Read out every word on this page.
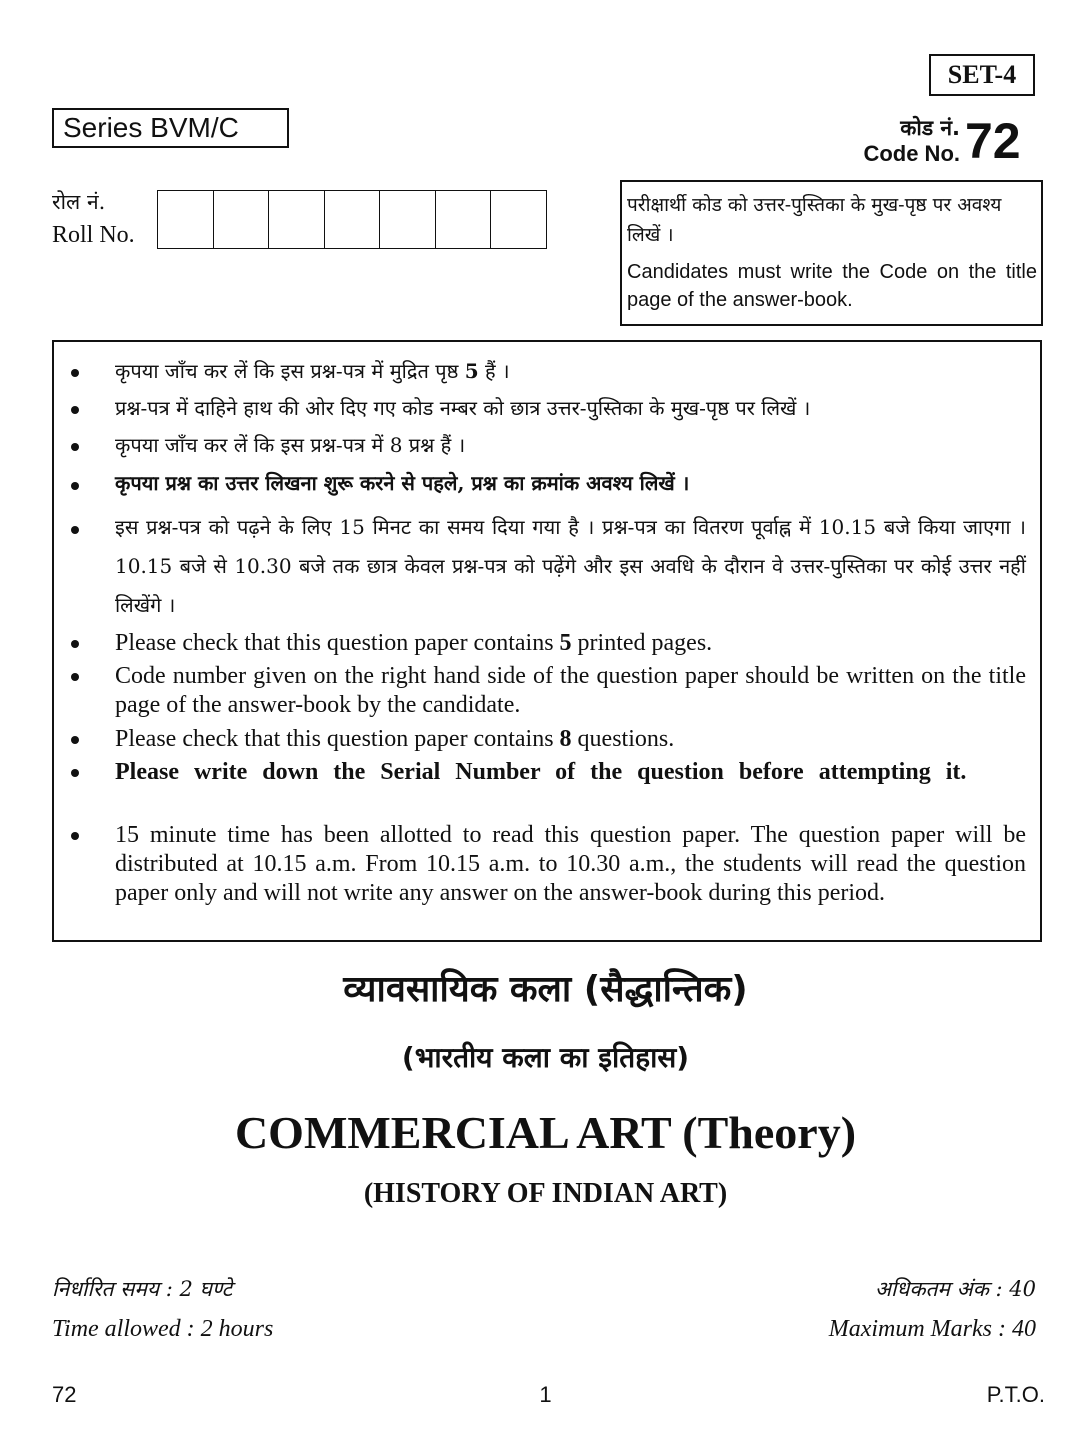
SET-4
Series BVM/C	कोड नं.
Code No. 72
रोल नं.
Roll No.
परीक्षार्थी कोड को उत्तर-पुस्तिका के मुख-पृष्ठ पर अवश्य लिखें ।
Candidates must write the Code on the title page of the answer-book.
कृपया जाँच कर लें कि इस प्रश्न-पत्र में मुद्रित पृष्ठ 5 हैं ।
प्रश्न-पत्र में दाहिने हाथ की ओर दिए गए कोड नम्बर को छात्र उत्तर-पुस्तिका के मुख-पृष्ठ पर लिखें ।
कृपया जाँच कर लें कि इस प्रश्न-पत्र में 8 प्रश्न हैं ।
कृपया प्रश्न का उत्तर लिखना शुरू करने से पहले, प्रश्न का क्रमांक अवश्य लिखें ।
इस प्रश्न-पत्र को पढ़ने के लिए 15 मिनट का समय दिया गया है । प्रश्न-पत्र का वितरण पूर्वाह्न में 10.15 बजे किया जाएगा । 10.15 बजे से 10.30 बजे तक छात्र केवल प्रश्न-पत्र को पढ़ेंगे और इस अवधि के दौरान वे उत्तर-पुस्तिका पर कोई उत्तर नहीं लिखेंगे ।
Please check that this question paper contains 5 printed pages.
Code number given on the right hand side of the question paper should be written on the title page of the answer-book by the candidate.
Please check that this question paper contains 8 questions.
Please write down the Serial Number of the question before attempting it.
15 minute time has been allotted to read this question paper. The question paper will be distributed at 10.15 a.m. From 10.15 a.m. to 10.30 a.m., the students will read the question paper only and will not write any answer on the answer-book during this period.
व्यावसायिक कला (सैद्धान्तिक)
(भारतीय कला का इतिहास)
COMMERCIAL ART (Theory)
(HISTORY OF INDIAN ART)
निर्धारित समय : 2 घण्टे
Time allowed : 2 hours
अधिकतम अंक : 40
Maximum Marks : 40
72	1	P.T.O.
